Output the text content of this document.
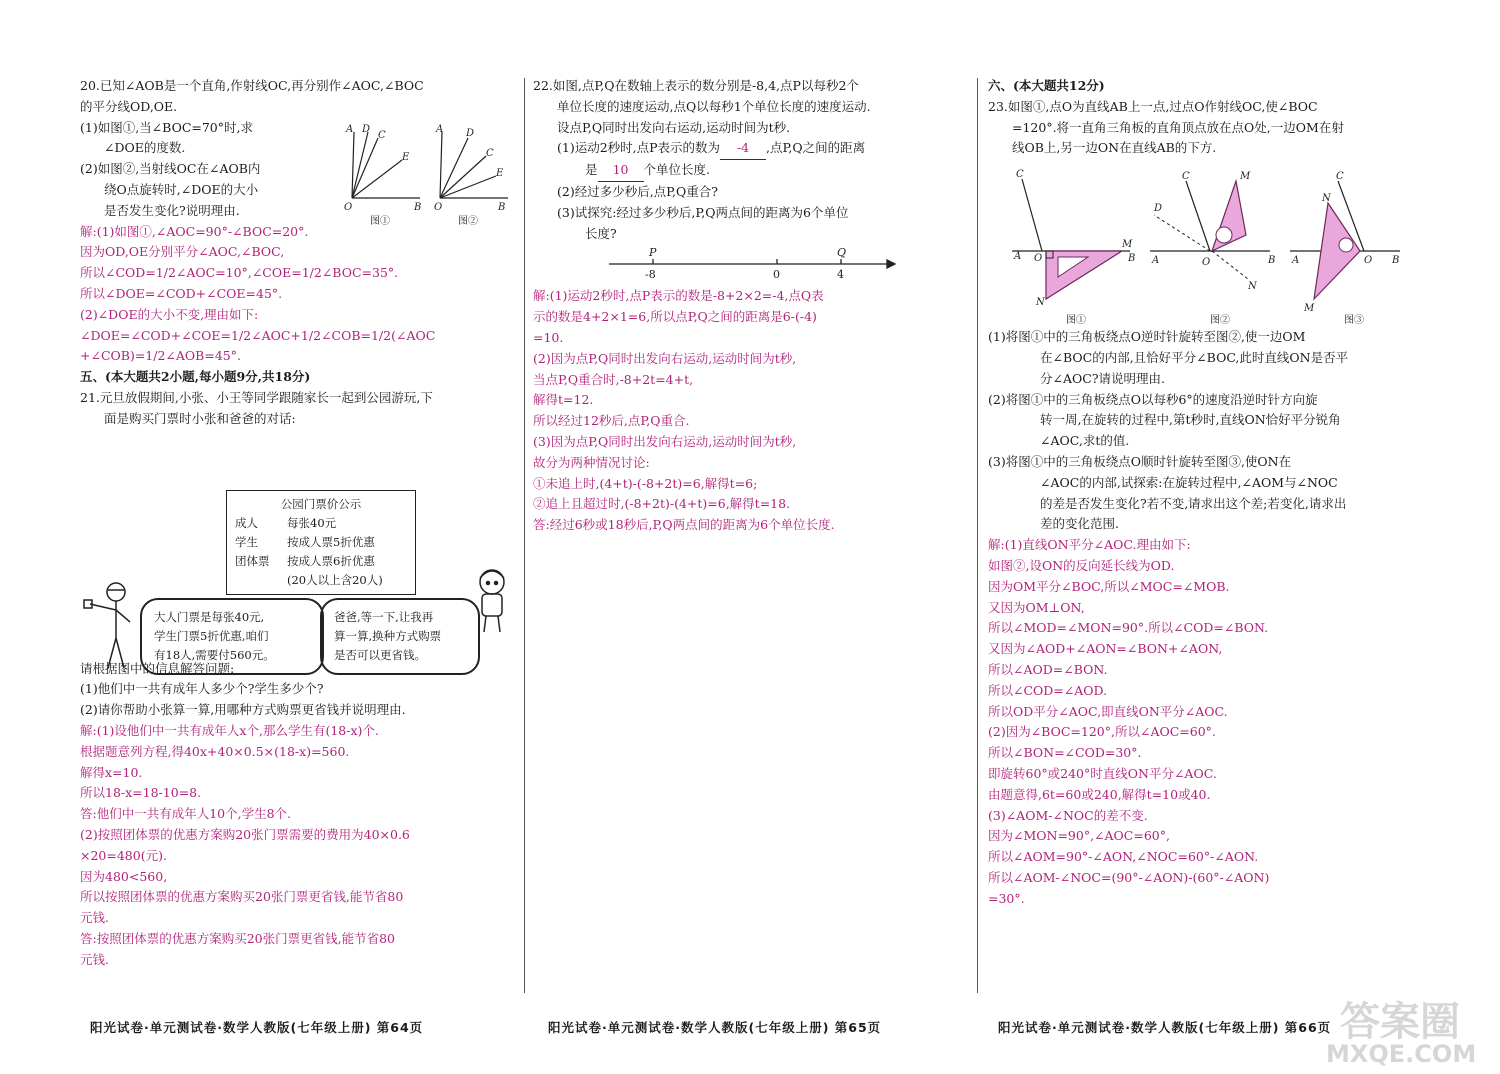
20.已知∠AOB是一个直角,作射线OC,再分别作∠AOC,∠BOC
的平分线OD,OE.
(1)如图①,当∠BOC=70°时,求
∠DOE的度数.
(2)如图②,当射线OC在∠AOB内
绕O点旋转时,∠DOE的大小
是否发生变化?说明理由.
解:(1)如图①,∠AOC=90°-∠BOC=20°.
因为OD,OE分别平分∠AOC,∠BOC,
所以∠COD=1/2∠AOC=10°,∠COE=1/2∠BOC=35°.
所以∠DOE=∠COD+∠COE=45°.
(2)∠DOE的大小不变,理由如下:
∠DOE=∠COD+∠COE=1/2∠AOC+1/2∠COB=1/2(∠AOC
+∠COB)=1/2∠AOB=45°.
五、(本大题共2小题,每小题9分,共18分)
21.元旦放假期间,小张、小王等同学跟随家长一起到公园游玩,下
面是购买门票时小张和爸爸的对话:
请根据图中的信息解答问题:
(1)他们中一共有成年人多少个?学生多少个?
(2)请你帮助小张算一算,用哪种方式购票更省钱并说明理由.
解:(1)设他们中一共有成年人x个,那么学生有(18-x)个.
根据题意列方程,得40x+40×0.5×(18-x)=560.
解得x=10.
所以18-x=18-10=8.
答:他们中一共有成年人10个,学生8个.
(2)按照团体票的优惠方案购20张门票需要的费用为40×0.6
×20=480(元).
因为480<560,
所以按照团体票的优惠方案购买20张门票更省钱,能节省80
元钱.
答:按照团体票的优惠方案购买20张门票更省钱,能节省80
元钱.
A D
C
E
O	B
图①
A D
C
E
O	B
图②
公园门票价公示
成人	每张40元
学生	按成人票5折优惠
团体票	按成人票6折优惠
(20人以上含20人)
大人门票是每张40元,
学生门票5折优惠,咱们
有18人,需要付560元。
爸爸,等一下,让我再
算一算,换种方式购票
是否可以更省钱。
22.如图,点P,Q在数轴上表示的数分别是-8,4,点P以每秒2个
单位长度的速度运动,点Q以每秒1个单位长度的速度运动.
设点P,Q同时出发向右运动,运动时间为t秒.
(1)运动2秒时,点P表示的数为 -4 ,点P,Q之间的距离
是 10 个单位长度.
(2)经过多少秒后,点P,Q重合?
(3)试探究:经过多少秒后,P,Q两点间的距离为6个单位
长度?
P	Q
-8	0	4
解:(1)运动2秒时,点P表示的数是-8+2×2=-4,点Q表
示的数是4+2×1=6,所以点P,Q之间的距离是6-(-4)
=10.
(2)因为点P,Q同时出发向右运动,运动时间为t秒,
当点P,Q重合时,-8+2t=4+t,
解得t=12.
所以经过12秒后,点P,Q重合.
(3)因为点P,Q同时出发向右运动,运动时间为t秒,
故分为两种情况讨论:
①未追上时,(4+t)-(-8+2t)=6,解得t=6;
②追上且超过时,(-8+2t)-(4+t)=6,解得t=18.
答:经过6秒或18秒后,P,Q两点间的距离为6个单位长度.
六、(本大题共12分)
23.如图①,点O为直线AB上一点,过点O作射线OC,使∠BOC
=120°.将一直角三角板的直角顶点放在点O处,一边OM在射
线OB上,另一边ON在直线AB的下方.
C
A O
M
B
N
图①
C
D
A	O
M
B
N
图②
C
A	O B
N
M
图③
(1)将图①中的三角板绕点O逆时针旋转至图②,使一边OM
在∠BOC的内部,且恰好平分∠BOC,此时直线ON是否平
分∠AOC?请说明理由.
(2)将图①中的三角板绕点O以每秒6°的速度沿逆时针方向旋
转一周,在旋转的过程中,第t秒时,直线ON恰好平分锐角
∠AOC,求t的值.
(3)将图①中的三角板绕点O顺时针旋转至图③,使ON在
∠AOC的内部,试探索:在旋转过程中,∠AOM与∠NOC
的差是否发生变化?若不变,请求出这个差;若变化,请求出
差的变化范围.
解:(1)直线ON平分∠AOC.理由如下:
如图②,设ON的反向延长线为OD.
因为OM平分∠BOC,所以∠MOC=∠MOB.
又因为OM⊥ON,
所以∠MOD=∠MON=90°.所以∠COD=∠BON.
又因为∠AOD+∠AON=∠BON+∠AON,
所以∠AOD=∠BON.
所以∠COD=∠AOD.
所以OD平分∠AOC,即直线ON平分∠AOC.
(2)因为∠BOC=120°,所以∠AOC=60°.
所以∠BON=∠COD=30°.
即旋转60°或240°时直线ON平分∠AOC.
由题意得,6t=60或240,解得t=10或40.
(3)∠AOM-∠NOC的差不变.
因为∠MON=90°,∠AOC=60°,
所以∠AOM=90°-∠AON,∠NOC=60°-∠AON.
所以∠AOM-∠NOC=(90°-∠AON)-(60°-∠AON)
=30°.
阳光试卷·单元测试卷·数学人教版(七年级上册) 第64页	阳光试卷·单元测试卷·数学人教版(七年级上册) 第65页	阳光试卷·单元测试卷·数学人教版(七年级上册) 第66页 答案圈
MXQE.COM
